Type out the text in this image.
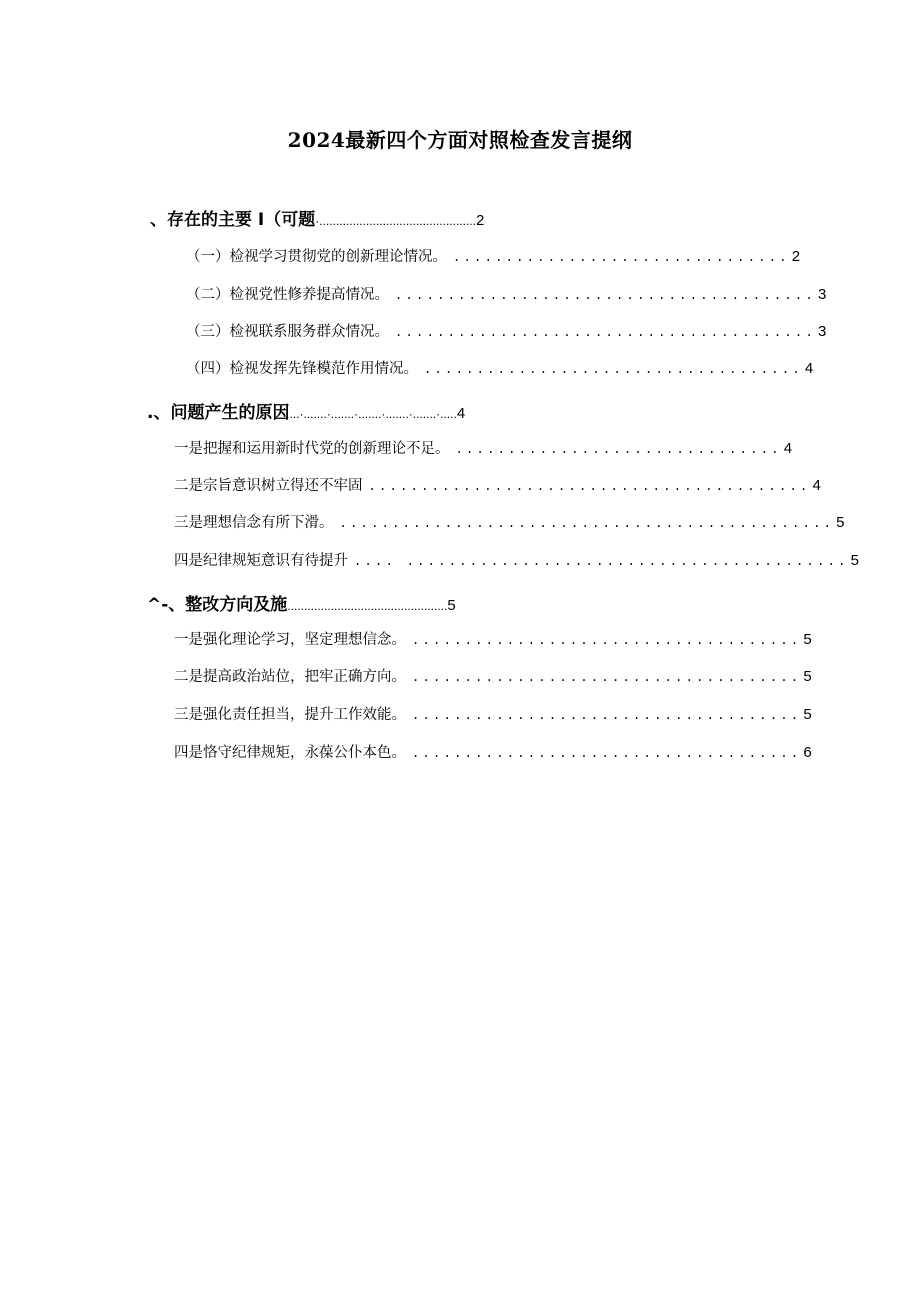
2024最新四个方面对照检查发言提纲
、存在的主要 I（可题 ·............................................... 2
（一）检视学习贯彻党的创新理论情况。 ................................ 2
（二）检视党性修养提高情况。 ........................................ 3
（三）检视联系服务群众情况。 ........................................ 3
（四）检视发挥先锋模范作用情况。 .................................... 4
.、问题产生的原因 ...·.......·.......·.......·.......·.......·..... 4
一是把握和运用新时代党的创新理论不足。 ............................... 4
二是宗旨意识树立得还不牢固 .......................................... 4
三是理想信念有所下滑。 ............................................... 5
四是纪律规矩意识有待提升 .... .......................................... 5
^-、整改方向及施 ................................................ 5
一是强化理论学习，坚定理想信念。 ..................................... 5
二是提高政治站位，把牢正确方向。 ..................................... 5
三是强化责任担当，提升工作效能。 ..................................... 5
四是恪守纪律规矩，永葆公仆本色。 ..................................... 6
